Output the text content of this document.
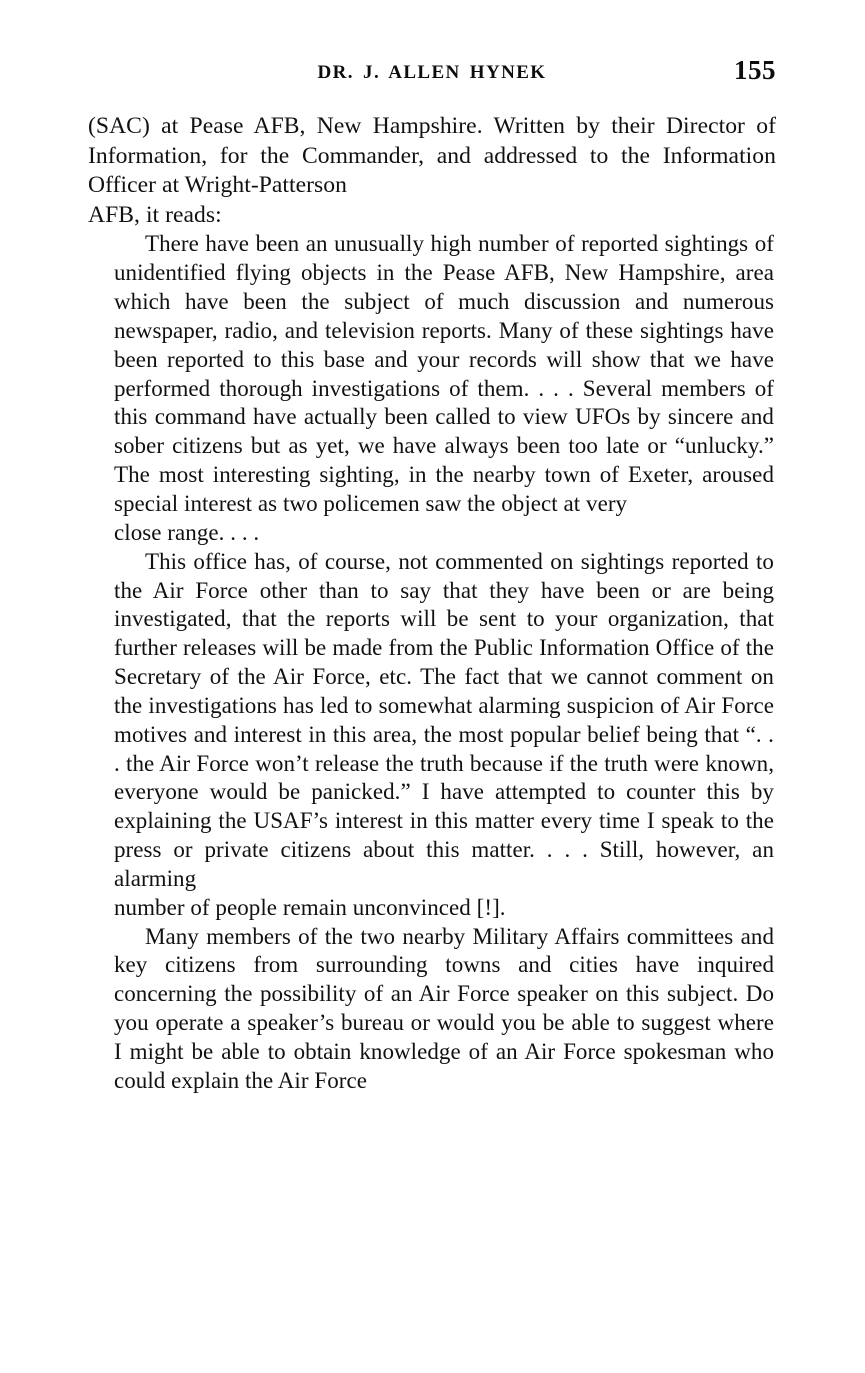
DR. J. ALLEN HYNEK	155

(SAC) at Pease AFB, New Hampshire. Written by their Director of Information, for the Commander, and addressed to the Information Officer at Wright-Patterson
AFB, it reads:

There have been an unusually high number of reported sightings of unidentified flying objects in the Pease AFB, New Hampshire, area which have been the subject of much discussion and numerous newspaper, radio, and television reports. Many of these sightings have been reported to this base and your records will show that we have performed thorough investigations of them. . . . Several members of this command have actually been called to view UFOs by sincere and sober citizens but as yet, we have always been too late or “unlucky.” The most interesting sighting, in the nearby town of Exeter, aroused special interest as two policemen saw the object at very
close range. . . .

This office has, of course, not commented on sightings reported to the Air Force other than to say that they have been or are being investigated, that the reports will be sent to your organization, that further releases will be made from the Public Information Office of the Secretary of the Air Force, etc. The fact that we cannot comment on the investigations has led to somewhat alarming suspicion of Air Force motives and interest in this area, the most popular belief being that “. . . the Air Force won’t release the truth because if the truth were known, everyone would be panicked.” I have attempted to counter this by explaining the USAF’s interest in this matter every time I speak to the press or private citizens about this matter. . . . Still, however, an alarming
number of people remain unconvinced [!].

Many members of the two nearby Military Affairs committees and key citizens from surrounding towns and cities have inquired concerning the possibility of an Air Force speaker on this subject. Do you operate a speaker’s bureau or would you be able to suggest where I might be able to obtain knowledge of an Air Force spokesman who could explain the Air Force
